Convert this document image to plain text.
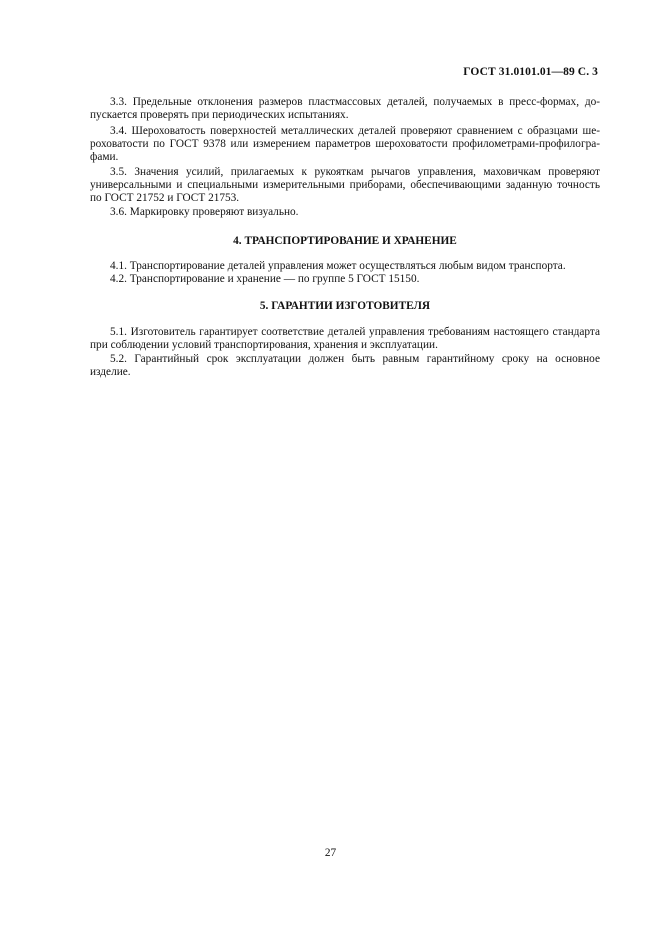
ГОСТ 31.0101.01—89 С. 3
3.3. Предельные отклонения размеров пластмассовых деталей, получаемых в пресс-формах, до-
пускается проверять при периодических испытаниях.
3.4. Шероховатость поверхностей металлических деталей проверяют сравнением с образцами ше-
роховатости по ГОСТ 9378 или измерением параметров шероховатости профилометрами-профилогра-
фами.
3.5. Значения усилий, прилагаемых к рукояткам рычагов управления, маховичкам проверяют
универсальными и специальными измерительными приборами, обеспечивающими заданную точность
по ГОСТ 21752 и ГОСТ 21753.
3.6. Маркировку проверяют визуально.
4. ТРАНСПОРТИРОВАНИЕ И ХРАНЕНИЕ
4.1. Транспортирование деталей управления может осуществляться любым видом транспорта.
4.2. Транспортирование и хранение — по группе 5 ГОСТ 15150.
5. ГАРАНТИИ ИЗГОТОВИТЕЛЯ
5.1. Изготовитель гарантирует соответствие деталей управления требованиям настоящего стандарта
при соблюдении условий транспортирования, хранения и эксплуатации.
5.2. Гарантийный срок эксплуатации должен быть равным гарантийному сроку на основное
изделие.
27
